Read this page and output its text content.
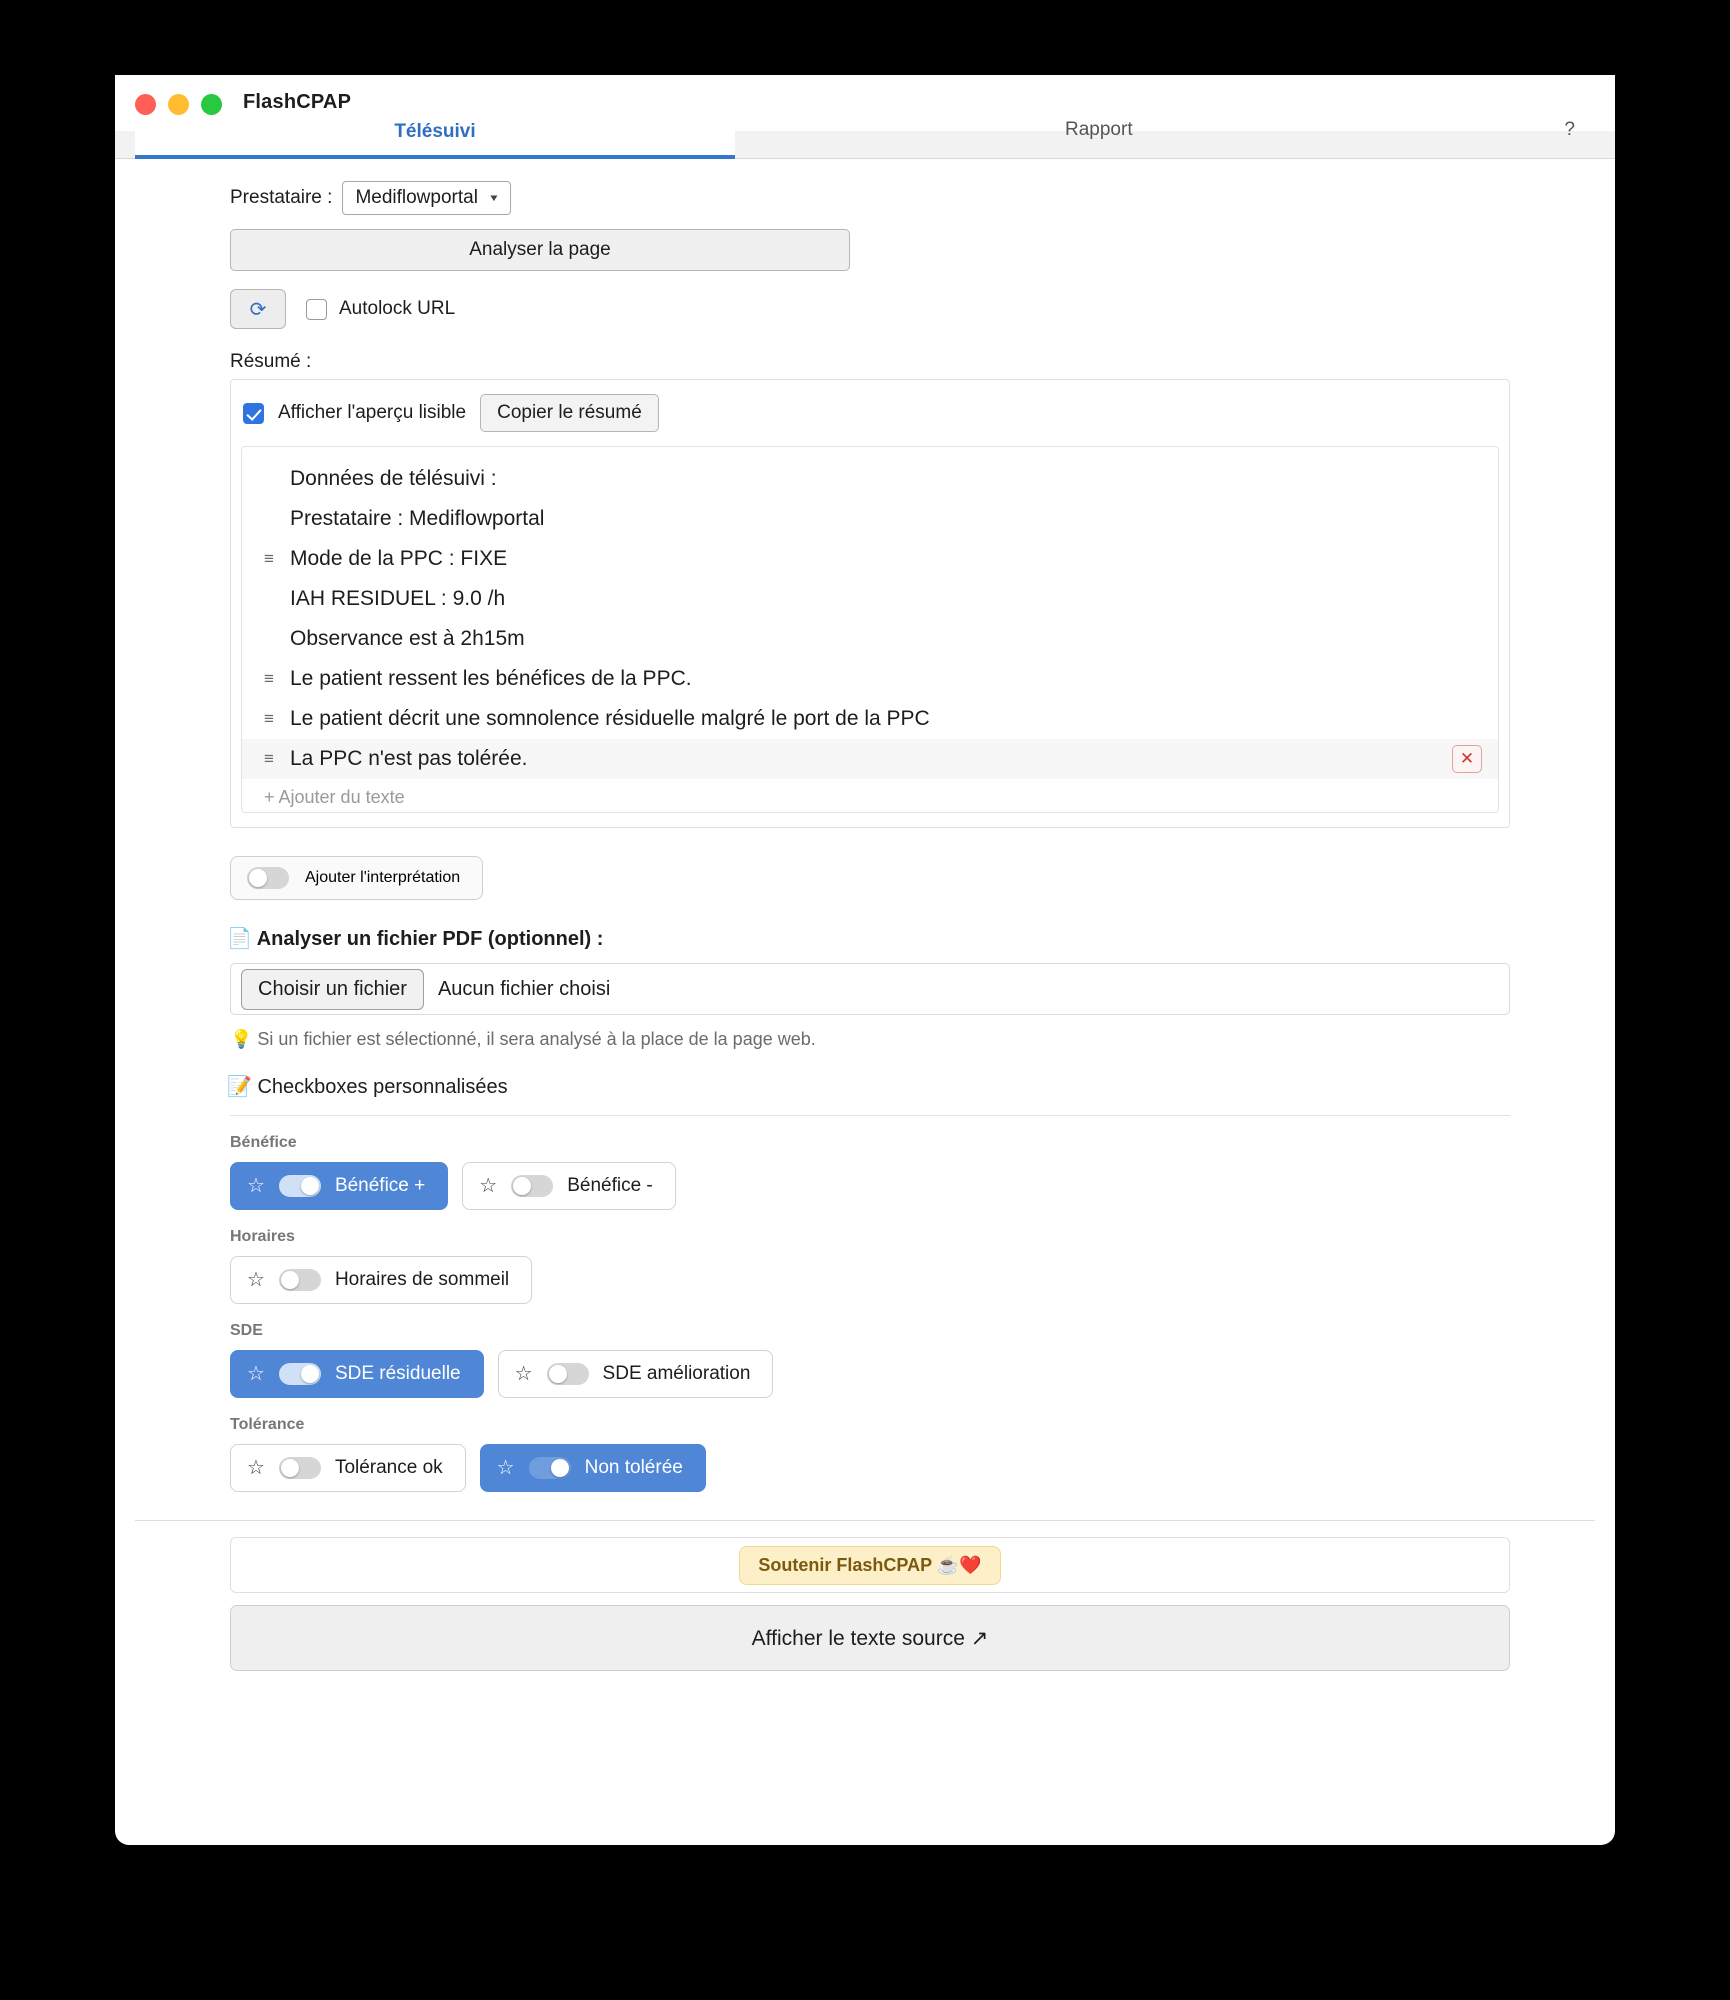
FlashCPAP
Télésuivi	Rapport	?
Prestataire : Mediflowportal ▼
Analyser la page
⟳	Autolock URL
Résumé :
Afficher l'aperçu lisible	Copier le résumé
Données de télésuivi :
Prestataire : Mediflowportal
≡ Mode de la PPC : FIXE
IAH RESIDUEL : 9.0 /h
Observance est à 2h15m
≡ Le patient ressent les bénéfices de la PPC.
≡ Le patient décrit une somnolence résiduelle malgré le port de la PPC
≡ La PPC n'est pas tolérée.	✕
+ Ajouter du texte
Ajouter l'interprétation
📄 Analyser un fichier PDF (optionnel) :
Choisir un fichier	Aucun fichier choisi
💡 Si un fichier est sélectionné, il sera analysé à la place de la page web.
📝 Checkboxes personnalisées
Bénéfice
☆	Bénéfice +	☆	Bénéfice -
Horaires
☆	Horaires de sommeil
SDE
☆	SDE résiduelle	☆	SDE amélioration
Tolérance
☆	Tolérance ok	☆	Non tolérée
Soutenir FlashCPAP ☕❤️
Afficher le texte source ↗
